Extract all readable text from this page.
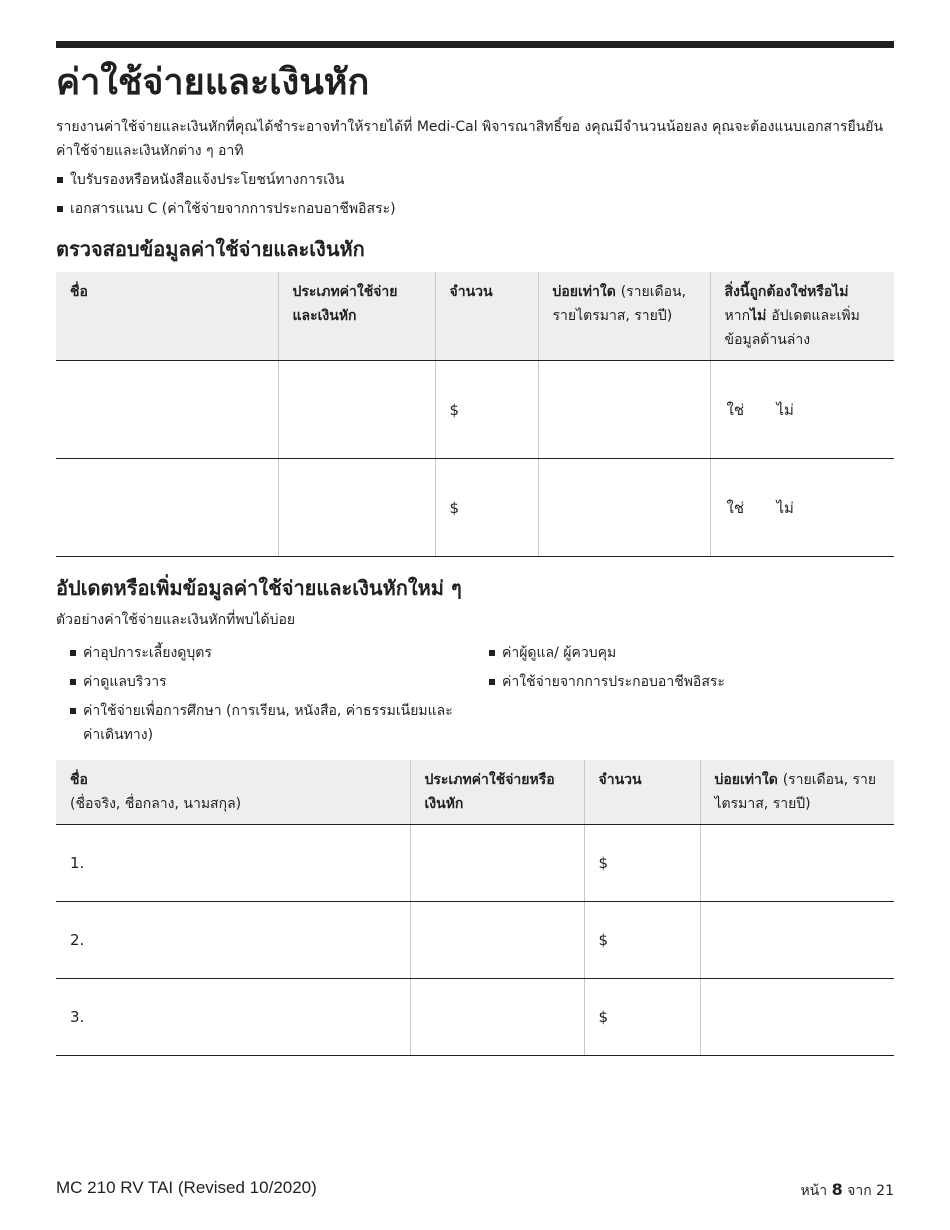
ค่าใช้จ่ายและเงินหัก

รายงานค่าใช้จ่ายและเงินหักที่คุณได้ชำระอาจทำให้รายได้ที่ Medi-Cal พิจารณาสิทธิ์ขอ งคุณมีจำนวนน้อยลง คุณจะต้องแนบเอกสารยืนยันค่าใช้จ่ายและเงินหักต่าง ๆ อาทิ

ใบรับรองหรือหนังสือแจ้งประโยชน์ทางการเงิน
เอกสารแนบ C (ค่าใช้จ่ายจากการประกอบอาชีพอิสระ)
ตรวจสอบข้อมูลค่าใช้จ่ายและเงินหัก
ชื่อ	ประเภทค่าใช้จ่ายและเงินหัก	จำนวน	บ่อยเท่าใด (รายเดือน, รายไตรมาส, รายปี)	สิ่งนี้ถูกต้องใช่หรือไม่
หากไม่ อัปเดตและเพิ่มข้อมูลด้านล่าง
		$		ใช่ ไม่
		$		ใช่ ไม่
อัปเดตหรือเพิ่มข้อมูลค่าใช้จ่ายและเงินหักใหม่ ๆ

ตัวอย่างค่าใช้จ่ายและเงินหักที่พบได้บ่อย

ค่าอุปการะเลี้ยงดูบุตร
ค่าดูแลบริวาร
ค่าใช้จ่ายเพื่อการศึกษา (การเรียน, หนังสือ, ค่าธรรมเนียมและค่าเดินทาง)
ค่าผู้ดูแล/ ผู้ควบคุม
ค่าใช้จ่ายจากการประกอบอาชีพอิสระ
ชื่อ
(ชื่อจริง, ชื่อกลาง, นามสกุล)	ประเภทค่าใช้จ่ายหรือเงินหัก	จำนวน	บ่อยเท่าใด (รายเดือน, รายไตรมาส, รายปี)
1.		$	
2.		$	
3.		$	
MC 210 RV TAI (Revised 10/2020)	หน้า 8 จาก 21
